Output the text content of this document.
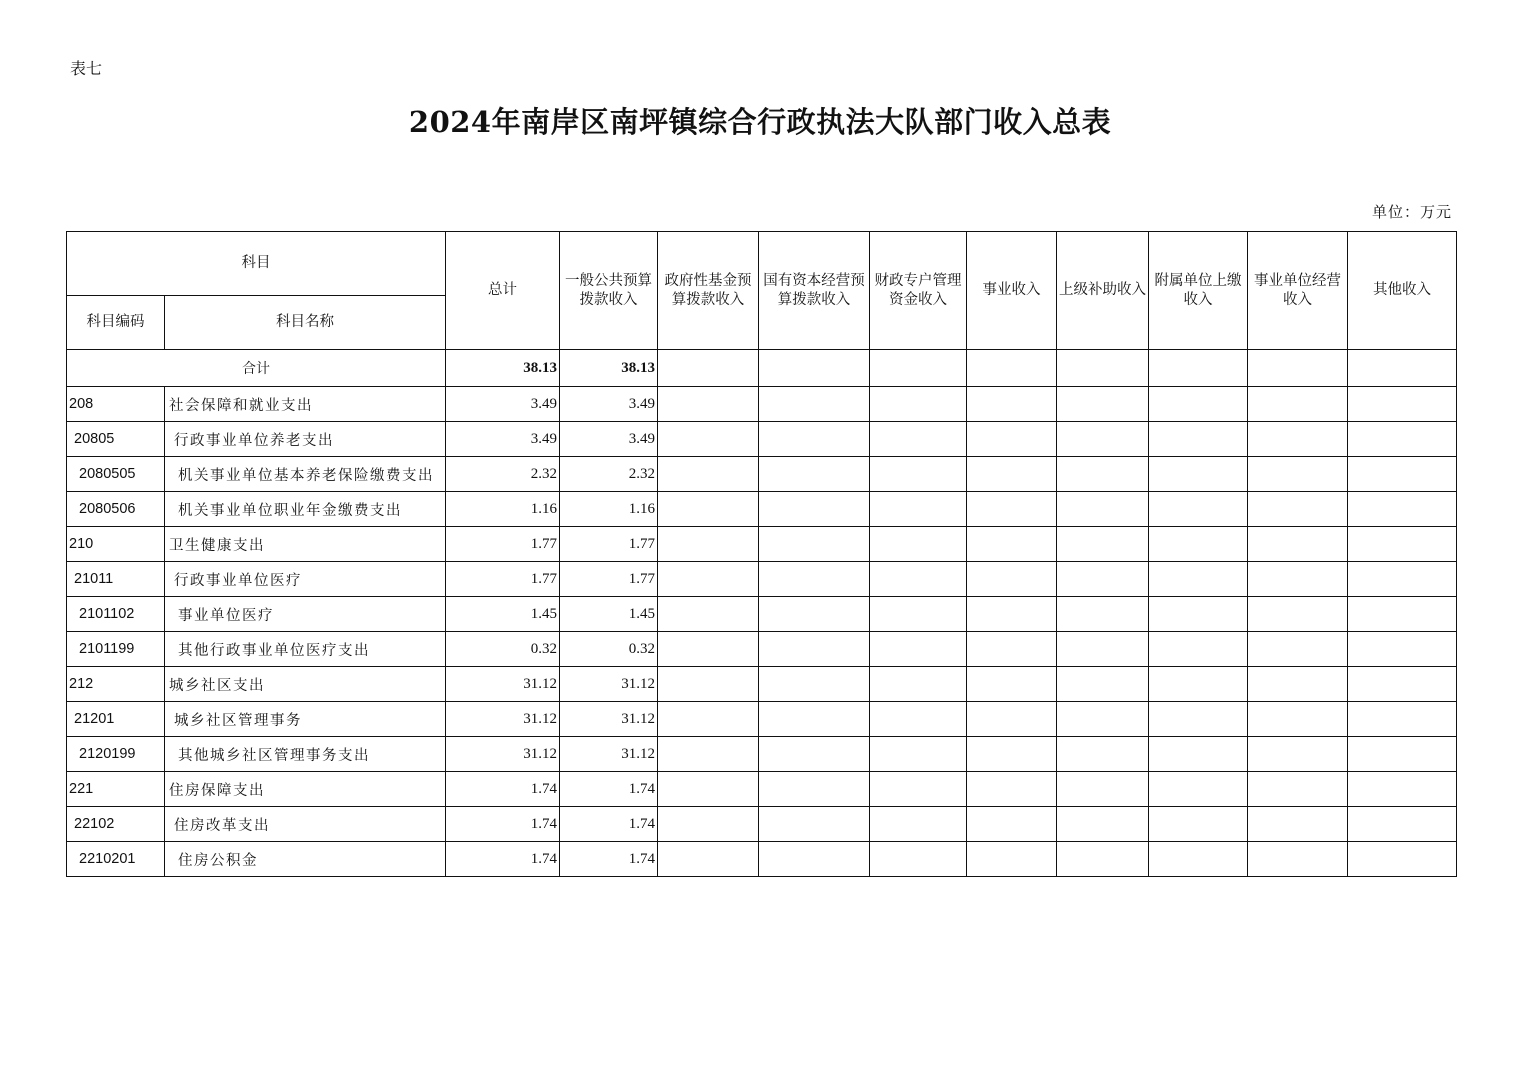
表七
2024年南岸区南坪镇综合行政执法大队部门收入总表
单位：万元
科目		总计	一般公共预算拨款收入	政府性基金预算拨款收入	国有资本经营预算拨款收入	财政专户管理资金收入	事业收入	上级补助收入	附属单位上缴收入	事业单位经营收入	其他收入
科目编码	科目名称										
合计		38.13	38.13								
208	社会保障和就业支出	3.49	3.49								
20805	行政事业单位养老支出	3.49	3.49								
2080505	机关事业单位基本养老保险缴费支出	2.32	2.32								
2080506	机关事业单位职业年金缴费支出	1.16	1.16								
210	卫生健康支出	1.77	1.77								
21011	行政事业单位医疗	1.77	1.77								
2101102	事业单位医疗	1.45	1.45								
2101199	其他行政事业单位医疗支出	0.32	0.32								
212	城乡社区支出	31.12	31.12								
21201	城乡社区管理事务	31.12	31.12								
2120199	其他城乡社区管理事务支出	31.12	31.12								
221	住房保障支出	1.74	1.74								
22102	住房改革支出	1.74	1.74								
2210201	住房公积金	1.74	1.74								
